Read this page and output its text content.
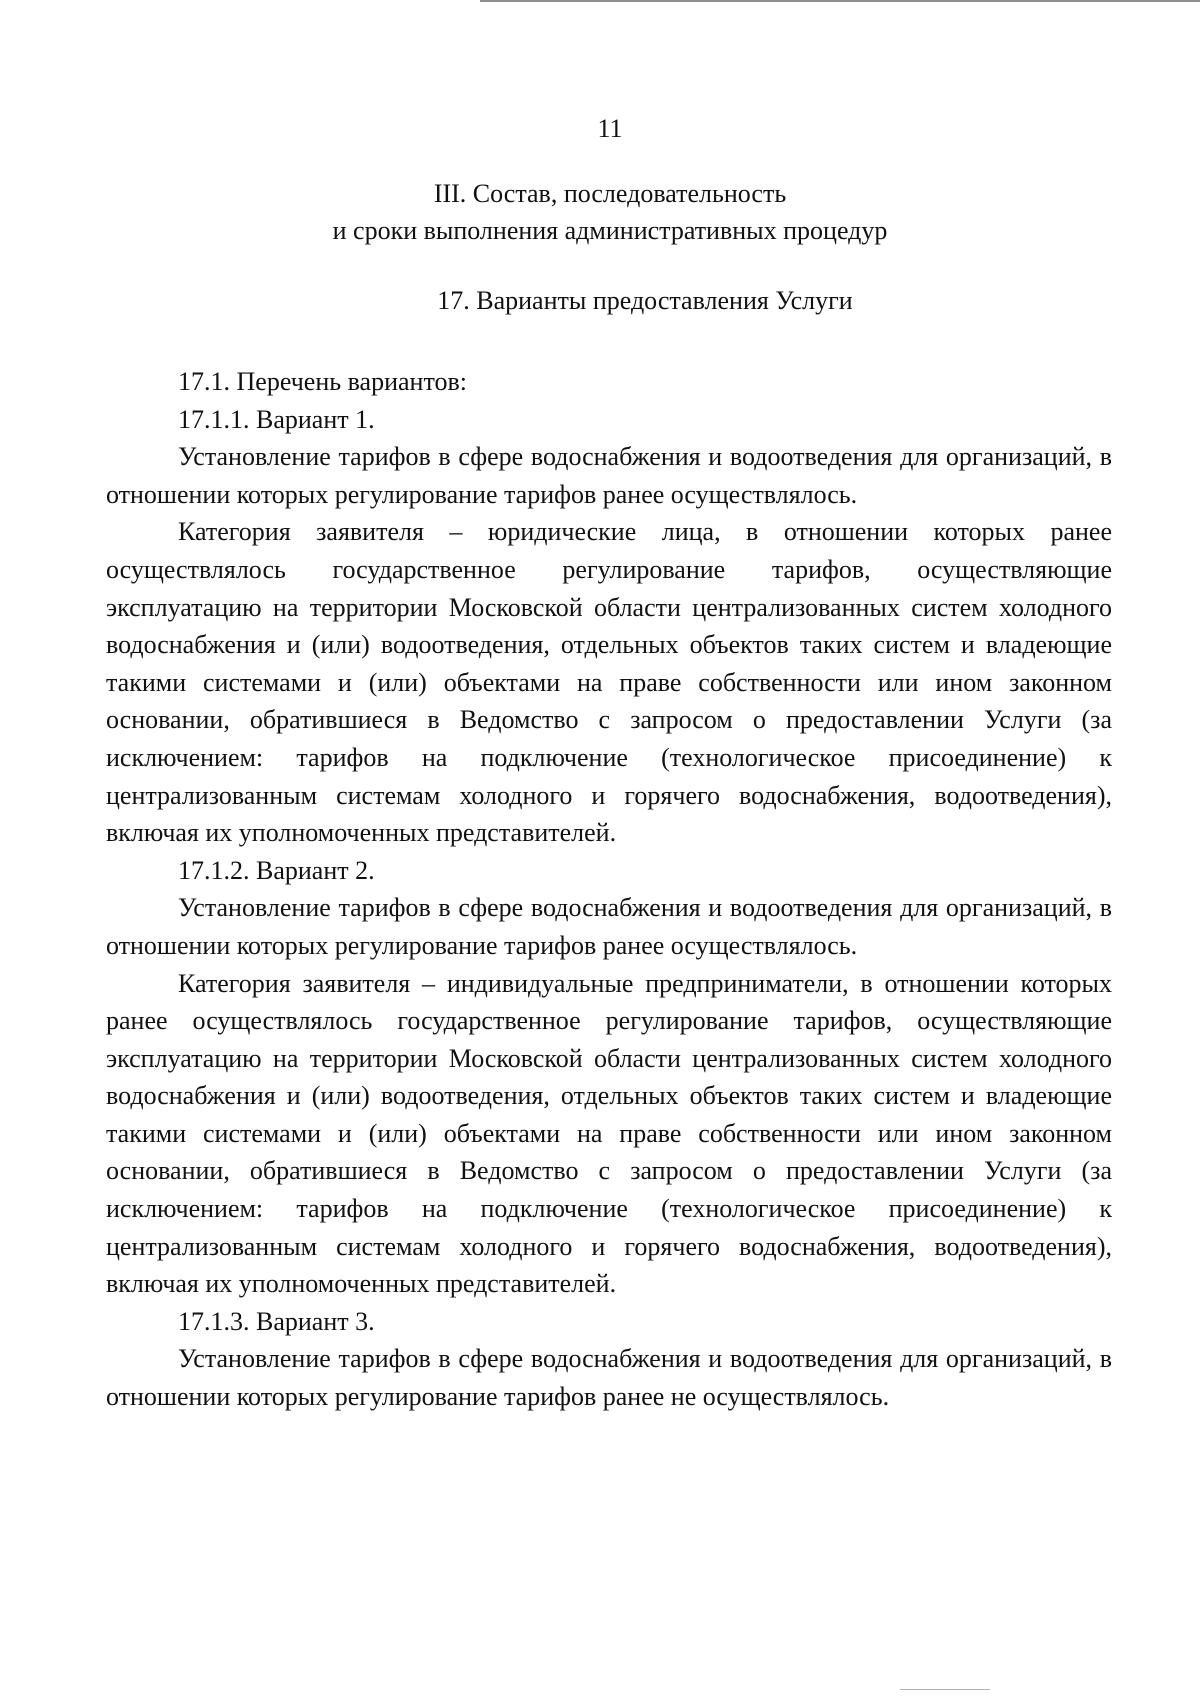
11
III. Состав, последовательность
и сроки выполнения административных процедур
17. Варианты предоставления Услуги

17.1. Перечень вариантов:

17.1.1. Вариант 1.

Установление тарифов в сфере водоснабжения и водоотведения для организаций, в отношении которых регулирование тарифов ранее осуществлялось.

Категория заявителя – юридические лица, в отношении которых ранее осуществлялось государственное регулирование тарифов, осуществляющие эксплуатацию на территории Московской области централизованных систем холодного водоснабжения и (или) водоотведения, отдельных объектов таких систем и владеющие такими системами и (или) объектами на праве собственности или ином законном основании, обратившиеся в Ведомство с запросом о предоставлении Услуги (за исключением: тарифов на подключение (технологическое присоединение) к централизованным системам холодного и горячего водоснабжения, водоотведения), включая их уполномоченных представителей.

17.1.2. Вариант 2.

Установление тарифов в сфере водоснабжения и водоотведения для организаций, в отношении которых регулирование тарифов ранее осуществлялось.

Категория заявителя – индивидуальные предприниматели, в отношении которых ранее осуществлялось государственное регулирование тарифов, осуществляющие эксплуатацию на территории Московской области централизованных систем холодного водоснабжения и (или) водоотведения, отдельных объектов таких систем и владеющие такими системами и (или) объектами на праве собственности или ином законном основании, обратившиеся в Ведомство с запросом о предоставлении Услуги (за исключением: тарифов на подключение (технологическое присоединение) к централизованным системам холодного и горячего водоснабжения, водоотведения), включая их уполномоченных представителей.

17.1.3. Вариант 3.

Установление тарифов в сфере водоснабжения и водоотведения для организаций, в отношении которых регулирование тарифов ранее не осуществлялось.
